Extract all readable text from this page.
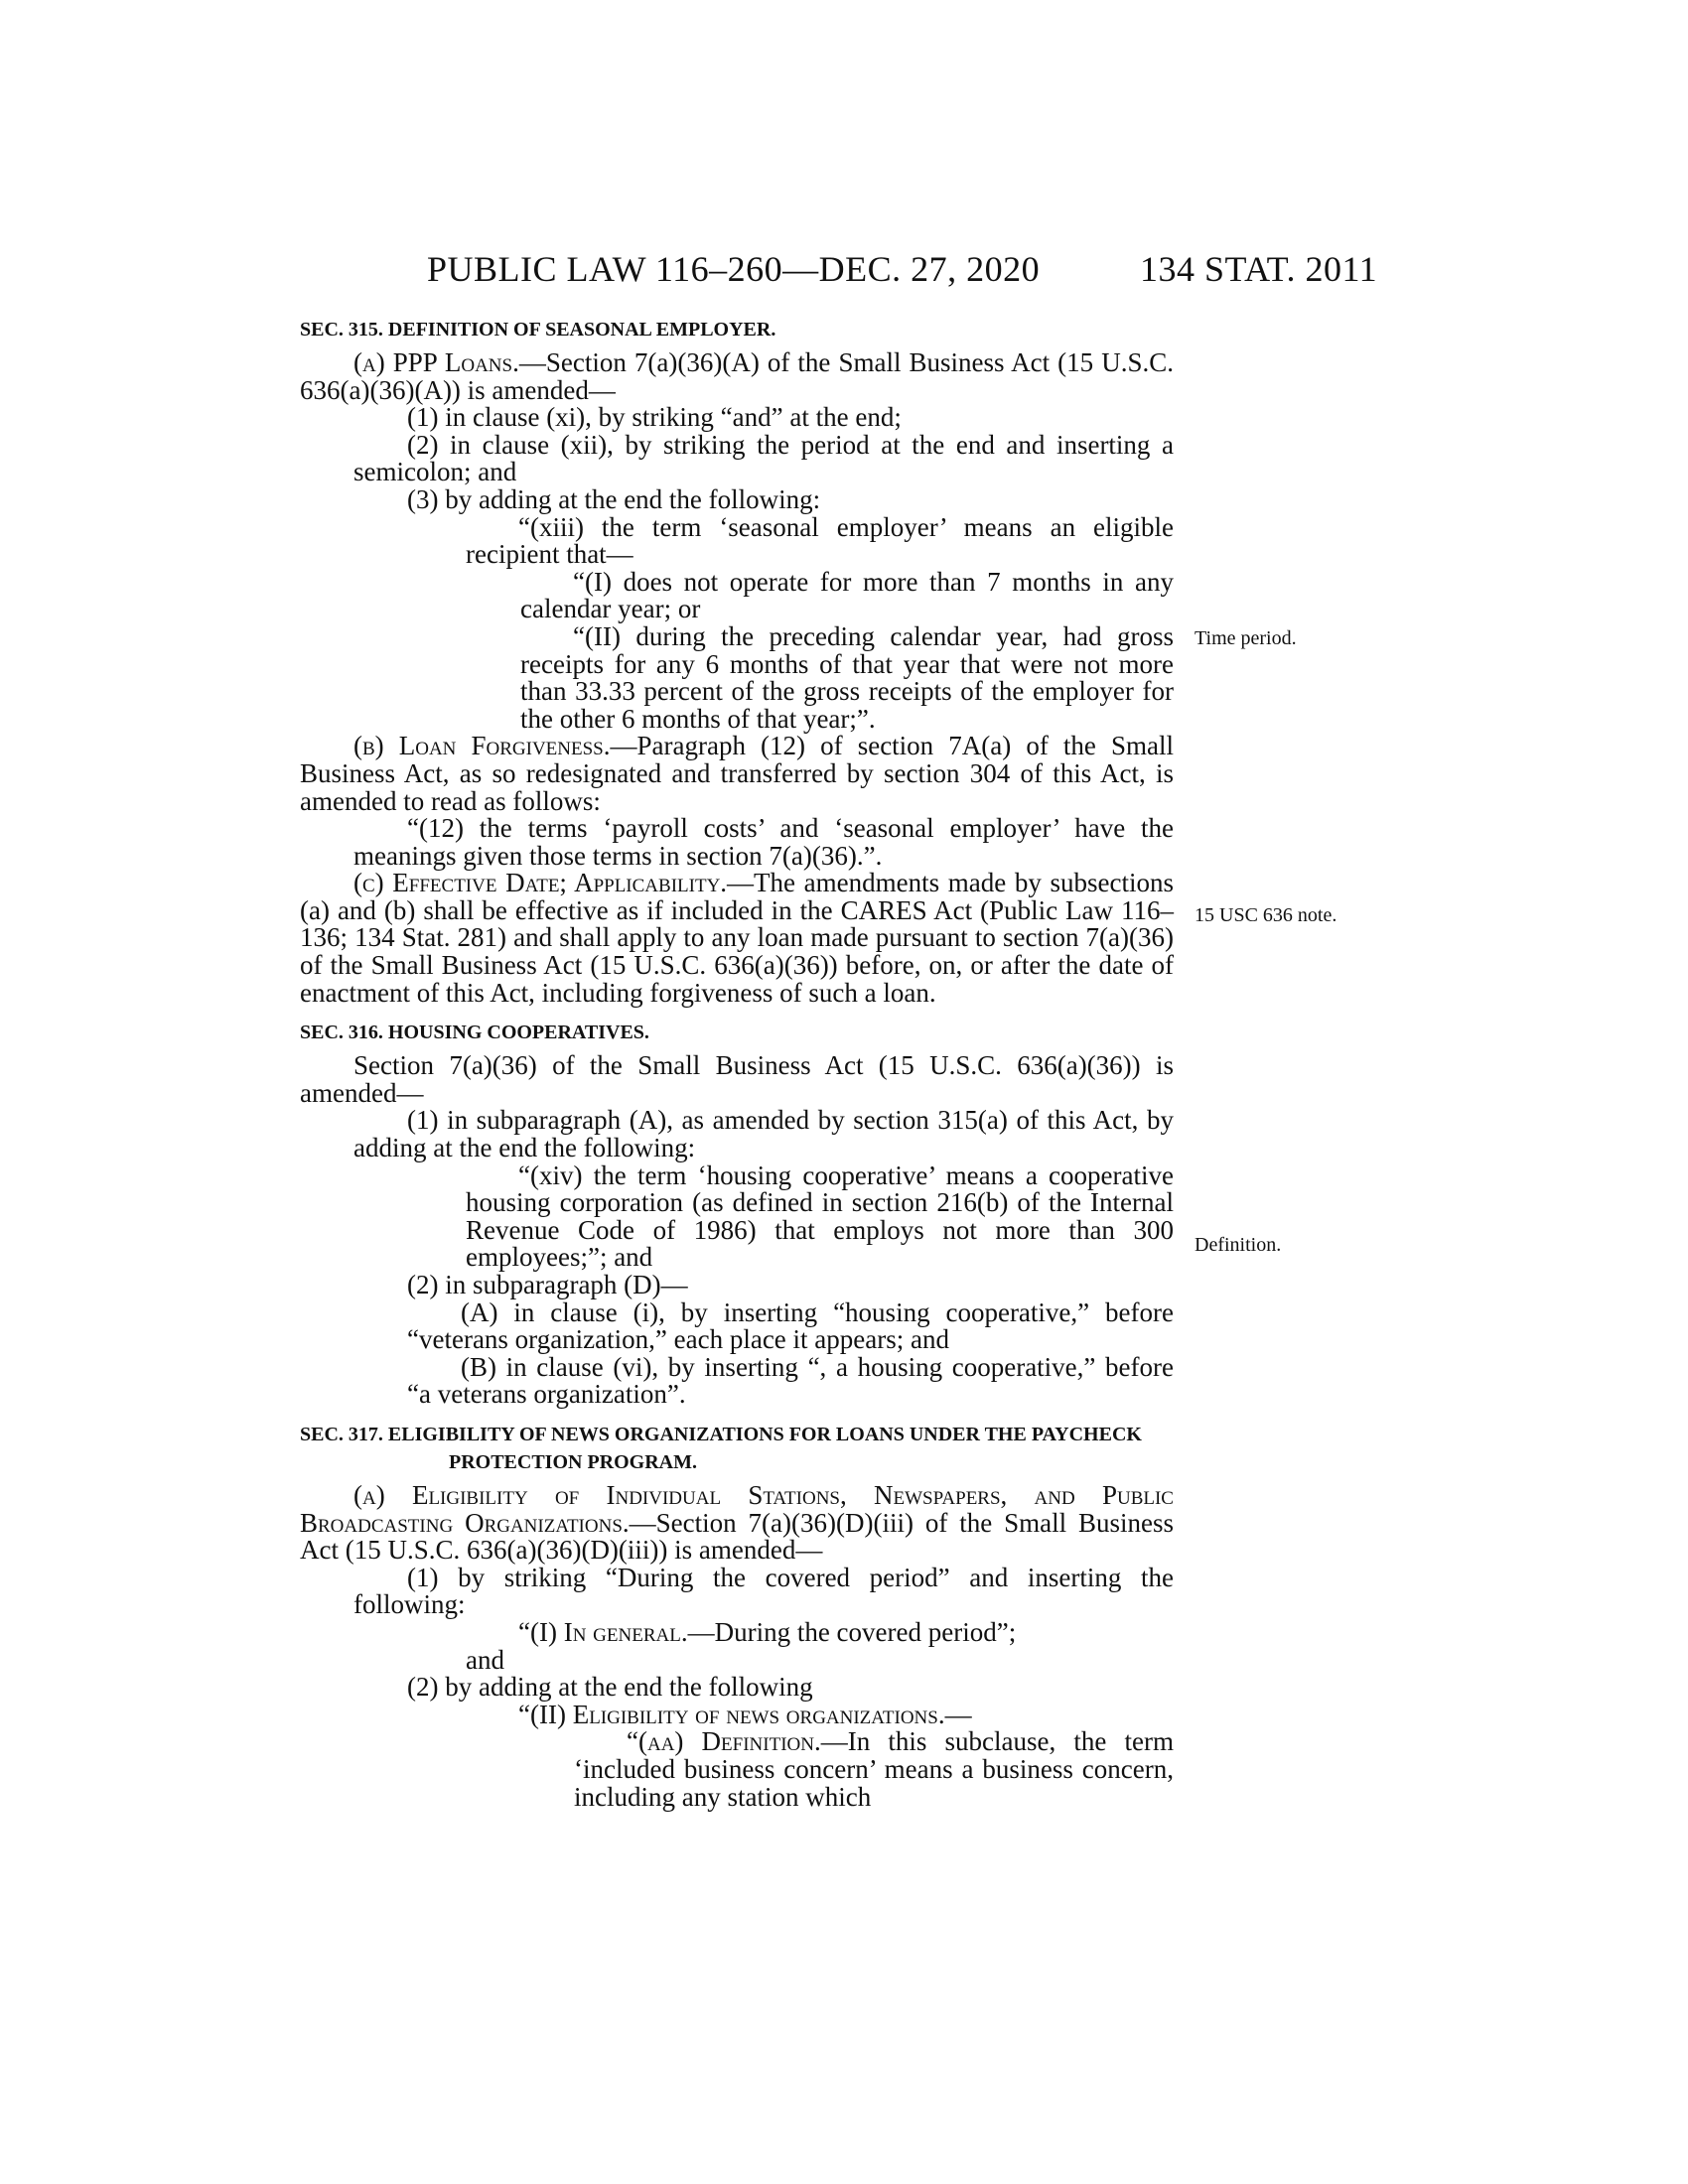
PUBLIC LAW 116–260—DEC. 27, 2020	134 STAT. 2011
Time period.
15 USC 636 note.
Definition.
SEC. 315. DEFINITION OF SEASONAL EMPLOYER.

(a) PPP Loans.—Section 7(a)(36)(A) of the Small Business Act (15 U.S.C. 636(a)(36)(A)) is amended—

(1) in clause (xi), by striking “and” at the end;

(2) in clause (xii), by striking the period at the end and inserting a semicolon; and

(3) by adding at the end the following:

“(xiii) the term ‘seasonal employer’ means an eligible recipient that—

“(I) does not operate for more than 7 months in any calendar year; or

“(II) during the preceding calendar year, had gross receipts for any 6 months of that year that were not more than 33.33 percent of the gross receipts of the employer for the other 6 months of that year;”.

(b) Loan Forgiveness.—Paragraph (12) of section 7A(a) of the Small Business Act, as so redesignated and transferred by section 304 of this Act, is amended to read as follows:

“(12) the terms ‘payroll costs’ and ‘seasonal employer’ have the meanings given those terms in section 7(a)(36).”.

(c) Effective Date; Applicability.—The amendments made by subsections (a) and (b) shall be effective as if included in the CARES Act (Public Law 116–136; 134 Stat. 281) and shall apply to any loan made pursuant to section 7(a)(36) of the Small Business Act (15 U.S.C. 636(a)(36)) before, on, or after the date of enactment of this Act, including forgiveness of such a loan.

SEC. 316. HOUSING COOPERATIVES.

Section 7(a)(36) of the Small Business Act (15 U.S.C. 636(a)(36)) is amended—

(1) in subparagraph (A), as amended by section 315(a) of this Act, by adding at the end the following:

“(xiv) the term ‘housing cooperative’ means a cooperative housing corporation (as defined in section 216(b) of the Internal Revenue Code of 1986) that employs not more than 300 employees;”; and

(2) in subparagraph (D)—

(A) in clause (i), by inserting “housing cooperative,” before “veterans organization,” each place it appears; and

(B) in clause (vi), by inserting “, a housing cooperative,” before “a veterans organization”.

SEC. 317. ELIGIBILITY OF NEWS ORGANIZATIONS FOR LOANS UNDER THE PAYCHECK PROTECTION PROGRAM.

(a) Eligibility of Individual Stations, Newspapers, and Public Broadcasting Organizations.—Section 7(a)(36)(D)(iii) of the Small Business Act (15 U.S.C. 636(a)(36)(D)(iii)) is amended—

(1) by striking “During the covered period” and inserting the following:

“(I) In general.—During the covered period”;

and

(2) by adding at the end the following

“(II) Eligibility of news organizations.—

“(aa) Definition.—In this subclause, the term ‘included business concern’ means a business concern, including any station which
